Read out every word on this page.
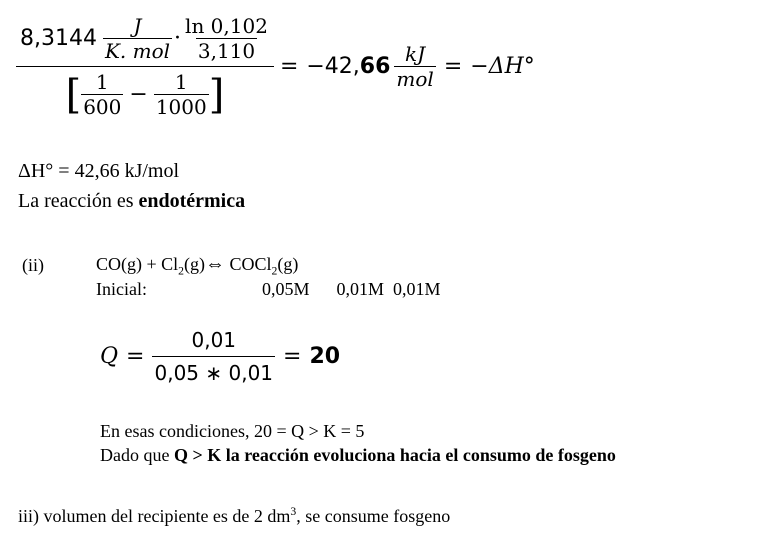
$8,3144 \frac{J}{\text{K. mol}} \cdot \frac{\ln 0,102}{3,110}$
[ $\frac{1}{600} - \frac{1}{1000}$ ]
= $-42,66 \frac{kJ}{\text{mol}} = -\Delta H^\circ$
ΔH° = 42,66 kJ/mol
La reacción es endotérmica
(ii)	$CO(g) + Cl_2(g)\Leftrightarrow$ COCl$_2$(g)
Inicial:	0,05M      0,01M  0,01M
$Q = \frac{0,01}{0,05 ∗ 0,01} = 20$
En esas condiciones, 20 = Q > K = 5
Dado que Q > K la reacción evoluciona hacia el consumo de fosgeno
iii) volumen del recipiente es de 2 $dm^3$, se consume fosgeno
